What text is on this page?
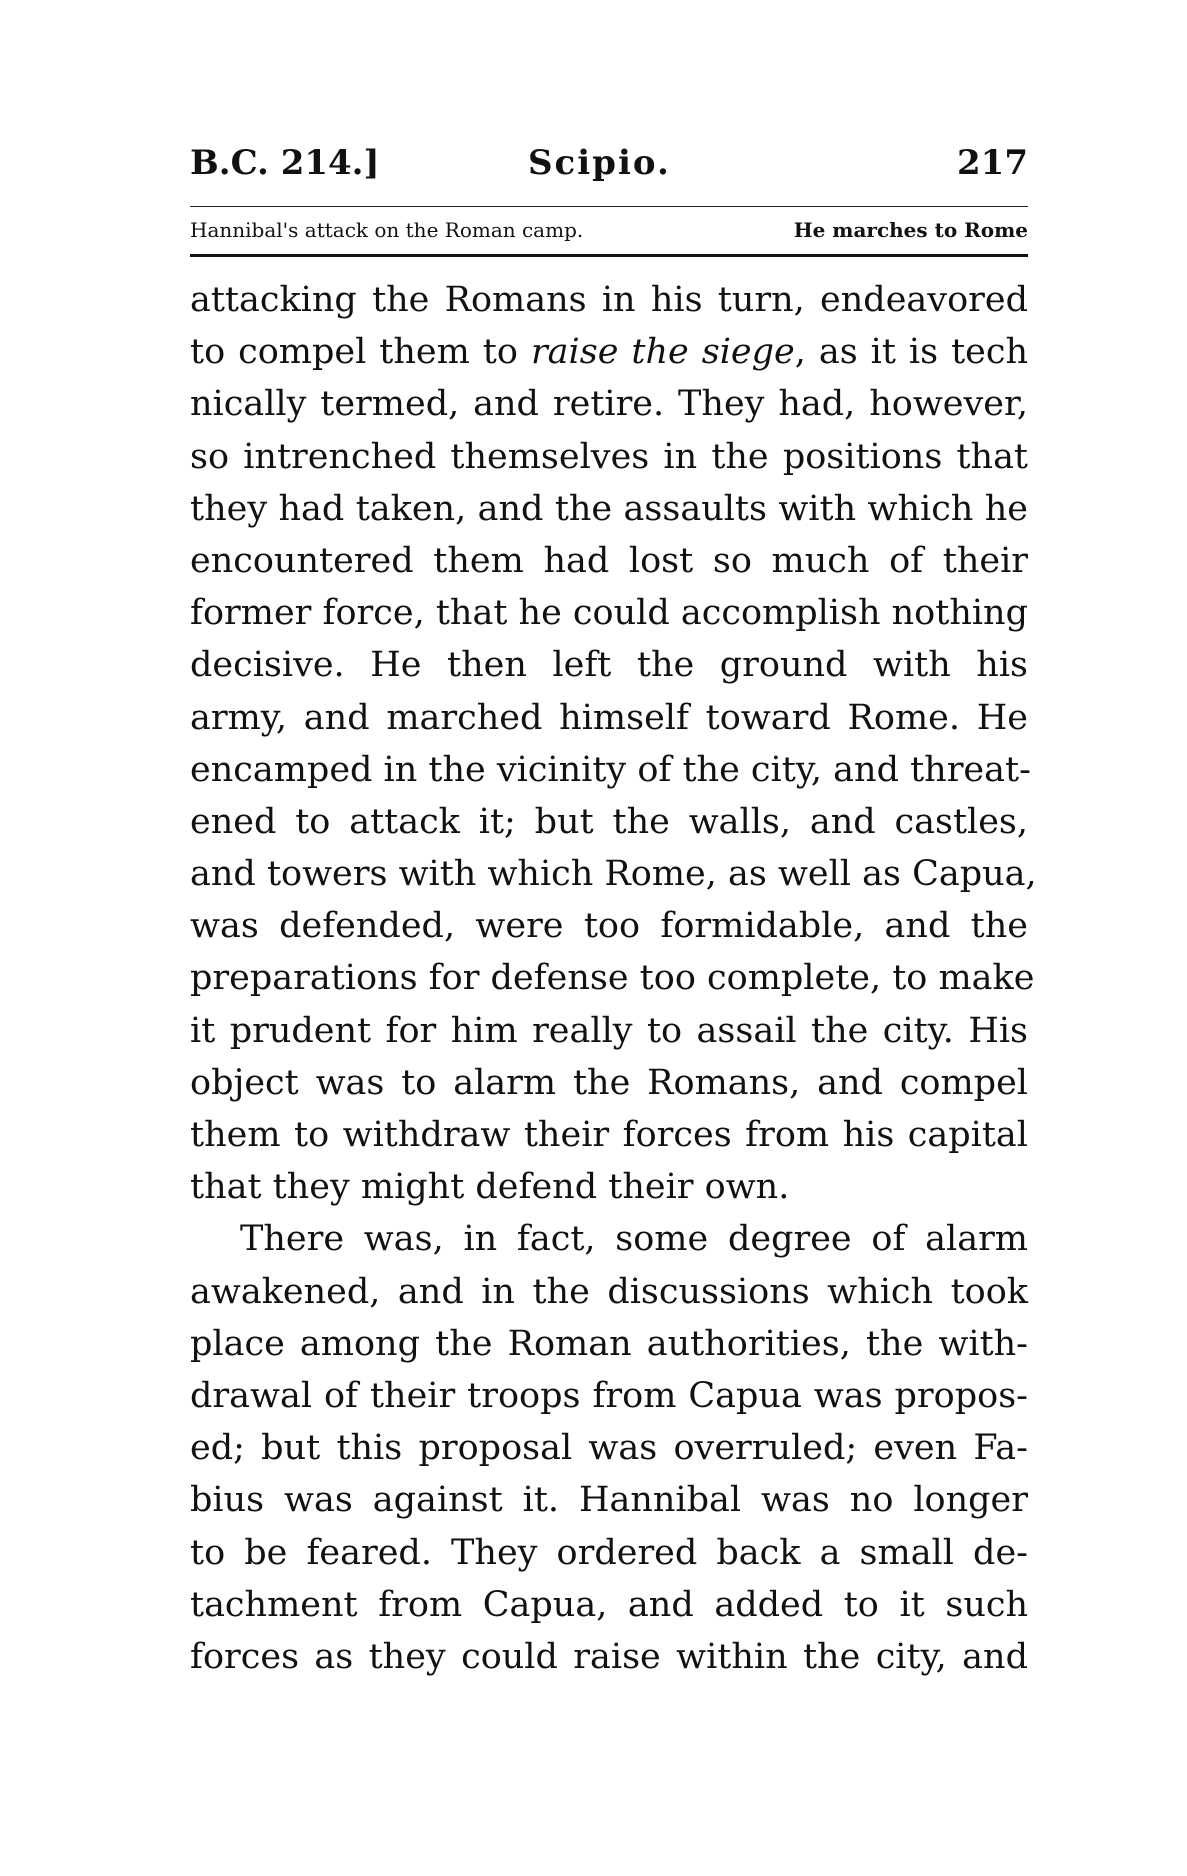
B.C. 214.]	Scipio.	217
Hannibal's attack on the Roman camp.	He marches to Rome
attacking the Romans in his turn, endeavored
to compel them to raise the siege, as it is tech
nically termed, and retire. They had, however,
so intrenched themselves in the positions that
they had taken, and the assaults with which he
encountered them had lost so much of their
former force, that he could accomplish nothing
decisive. He then left the ground with his
army, and marched himself toward Rome. He
encamped in the vicinity of the city, and threat-
ened to attack it; but the walls, and castles,
and towers with which Rome, as well as Capua,
was defended, were too formidable, and the
preparations for defense too complete, to make
it prudent for him really to assail the city. His
object was to alarm the Romans, and compel
them to withdraw their forces from his capital
that they might defend their own.
There was, in fact, some degree of alarm
awakened, and in the discussions which took
place among the Roman authorities, the with-
drawal of their troops from Capua was propos-
ed; but this proposal was overruled; even Fa-
bius was against it. Hannibal was no longer
to be feared. They ordered back a small de-
tachment from Capua, and added to it such
forces as they could raise within the city, and
